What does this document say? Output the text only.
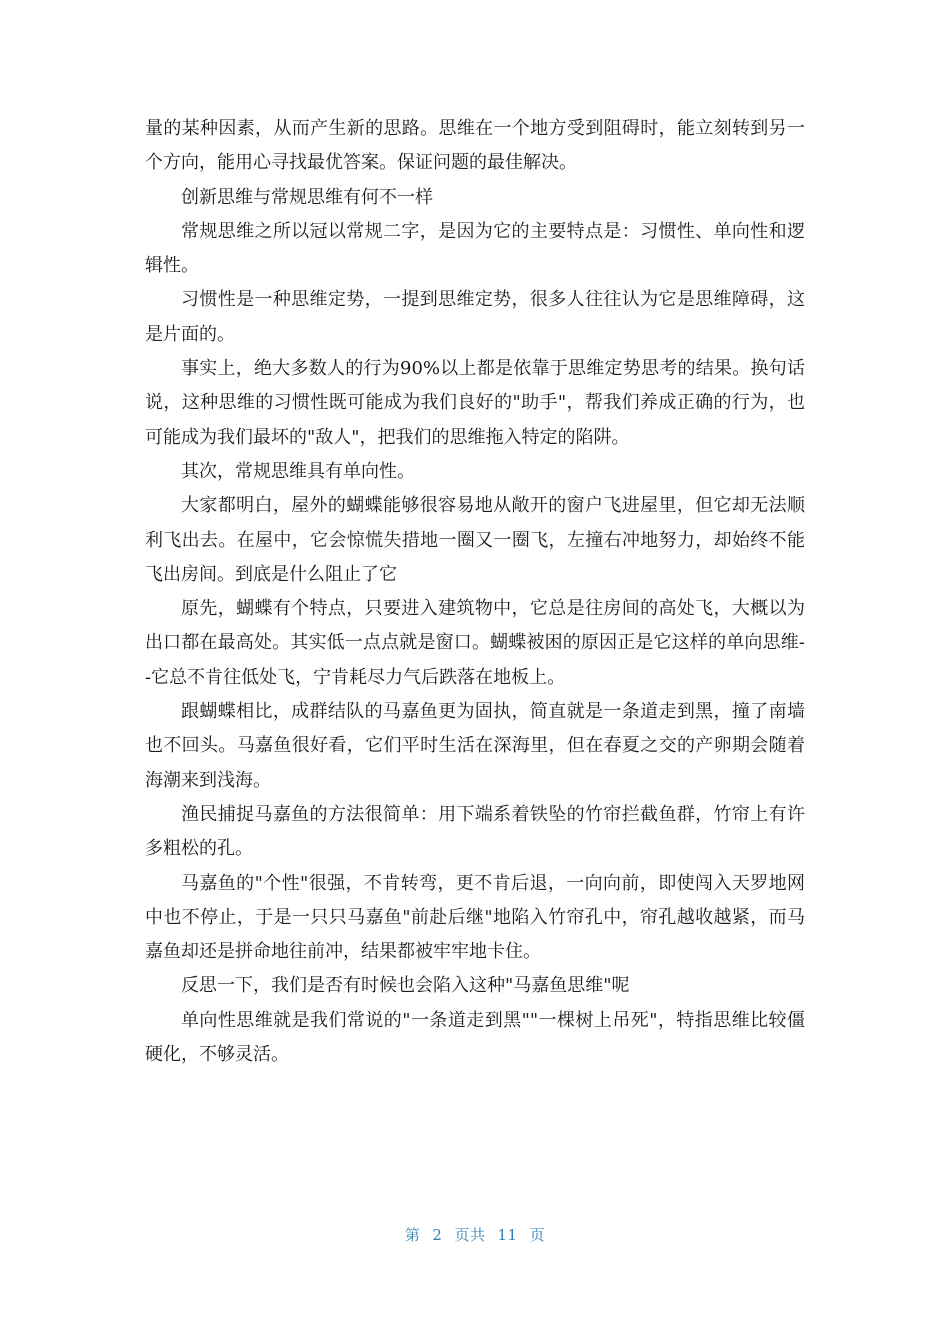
量的某种因素，从而产生新的思路。思维在一个地方受到阻碍时，能立刻转到另一个方向，能用心寻找最优答案。保证问题的最佳解决。

创新思维与常规思维有何不一样

常规思维之所以冠以常规二字，是因为它的主要特点是：习惯性、单向性和逻辑性。

习惯性是一种思维定势，一提到思维定势，很多人往往认为它是思维障碍，这是片面的。

事实上，绝大多数人的行为90%以上都是依靠于思维定势思考的结果。换句话说，这种思维的习惯性既可能成为我们良好的"助手"，帮我们养成正确的行为，也可能成为我们最坏的"敌人"，把我们的思维拖入特定的陷阱。

其次，常规思维具有单向性。

大家都明白，屋外的蝴蝶能够很容易地从敞开的窗户飞进屋里，但它却无法顺利飞出去。在屋中，它会惊慌失措地一圈又一圈飞，左撞右冲地努力，却始终不能飞出房间。到底是什么阻止了它

原先，蝴蝶有个特点，只要进入建筑物中，它总是往房间的高处飞，大概以为出口都在最高处。其实低一点点就是窗口。蝴蝶被困的原因正是它这样的单向思维--它总不肯往低处飞，宁肯耗尽力气后跌落在地板上。

跟蝴蝶相比，成群结队的马嘉鱼更为固执，简直就是一条道走到黑，撞了南墙也不回头。马嘉鱼很好看，它们平时生活在深海里，但在春夏之交的产卵期会随着海潮来到浅海。

渔民捕捉马嘉鱼的方法很简单：用下端系着铁坠的竹帘拦截鱼群，竹帘上有许多粗松的孔。

马嘉鱼的"个性"很强，不肯转弯，更不肯后退，一向向前，即使闯入天罗地网中也不停止，于是一只只马嘉鱼"前赴后继"地陷入竹帘孔中，帘孔越收越紧，而马嘉鱼却还是拼命地往前冲，结果都被牢牢地卡住。

反思一下，我们是否有时候也会陷入这种"马嘉鱼思维"呢

单向性思维就是我们常说的"一条道走到黑""一棵树上吊死"，特指思维比较僵硬化，不够灵活。

第 2 页共 11 页
